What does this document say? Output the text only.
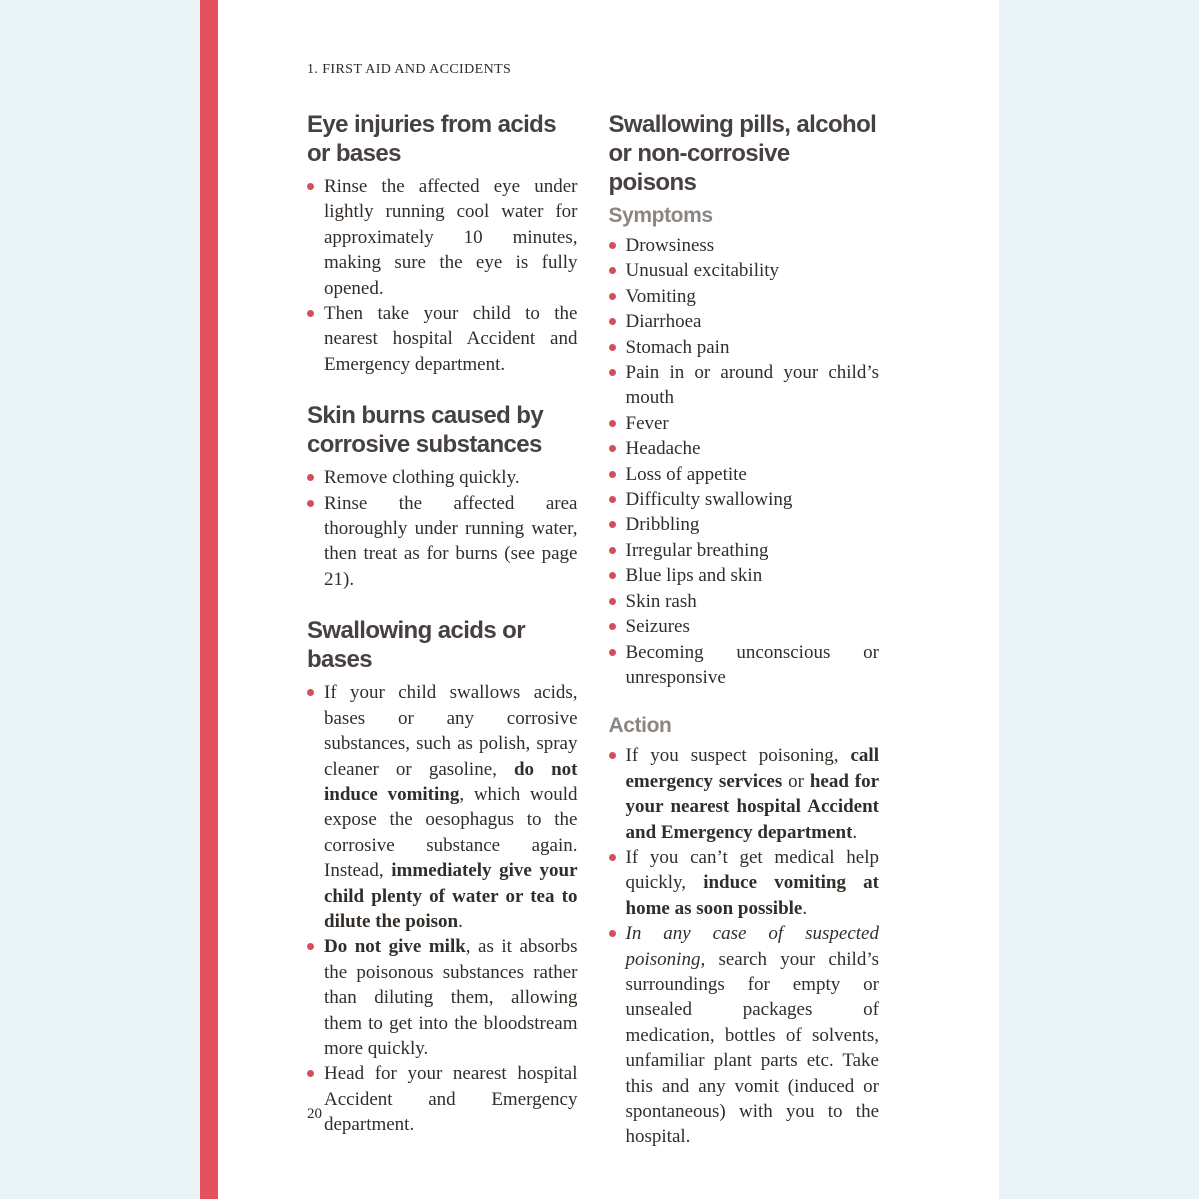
1. FIRST AID AND ACCIDENTS
Eye injuries from acids or bases
Rinse the affected eye under lightly running cool water for approximately 10 minutes, making sure the eye is fully opened.
Then take your child to the nearest hospital Accident and Emergency department.
Skin burns caused by corrosive substances
Remove clothing quickly.
Rinse the affected area thoroughly under running water, then treat as for burns (see page 21).
Swallowing acids or bases
If your child swallows acids, bases or any corrosive substances, such as polish, spray cleaner or gasoline, do not induce vomiting, which would expose the oesophagus to the corrosive substance again. Instead, immediately give your child plenty of water or tea to dilute the poison.
Do not give milk, as it absorbs the poisonous substances rather than diluting them, allowing them to get into the bloodstream more quickly.
Head for your nearest hospital Accident and Emergency department.
Swallowing pills, alcohol or non-corrosive poisons
Symptoms
Drowsiness
Unusual excitability
Vomiting
Diarrhoea
Stomach pain
Pain in or around your child’s mouth
Fever
Headache
Loss of appetite
Difficulty swallowing
Dribbling
Irregular breathing
Blue lips and skin
Skin rash
Seizures
Becoming unconscious or unresponsive
Action
If you suspect poisoning, call emergency services or head for your nearest hospital Accident and Emergency department.
If you can’t get medical help quickly, induce vomiting at home as soon possible.
In any case of suspected poisoning, search your child’s surroundings for empty or unsealed packages of medication, bottles of solvents, unfamiliar plant parts etc. Take this and any vomit (induced or spontaneous) with you to the hospital.
20
